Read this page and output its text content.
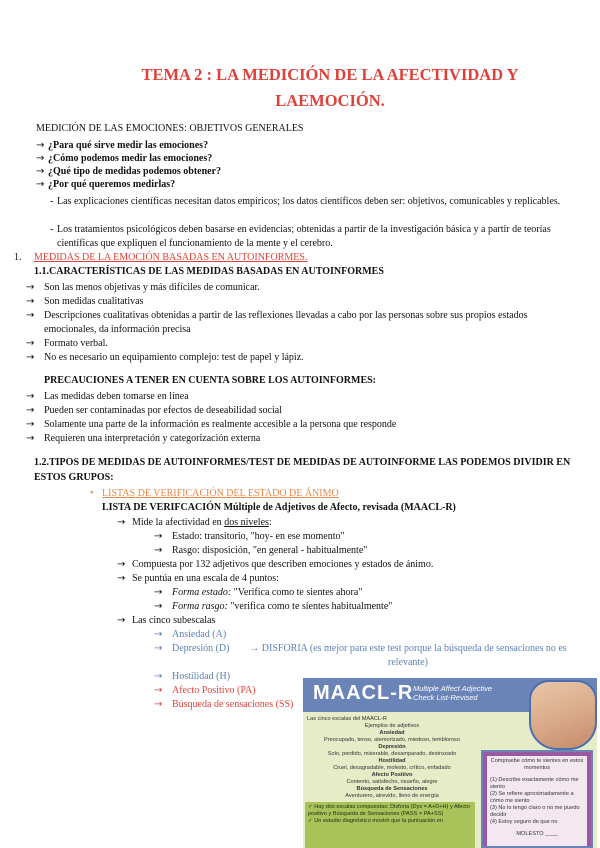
TEMA 2 : LA MEDICIÓN DE LA AFECTIVIDAD Y LAEMOCIÓN.
MEDICIÓN DE LAS EMOCIONES: OBJETIVOS GENERALES
→ ¿Para qué sirve medir las emociones?
→ ¿Cómo podemos medir las emociones?
→ ¿Qué tipo de medidas podemos obtener?
→ ¿Por qué queremos medirlas?
- Las explicaciones científicas necesitan datos empíricos; los datos científicos deben ser: objetivos, comunicables y replicables.
- Los tratamientos psicológicos deben basarse en evidencias; obtenidas a partir de la investigación básica y a partir de teorías científicas que expliquen el funcionamiento de la mente y el cerebro.
1. MEDIDAS DE LA EMOCIÓN BASADAS EN AUTOINFORMES.
1.1.CARACTERÍSTICAS DE LAS MEDIDAS BASADAS EN AUTOINFORMES
→ Son las menos objetivas y más difíciles de comunicar.
→ Son medidas cualitativas
→ Descripciones cualitativas obtenidas a partir de las reflexiones llevadas a cabo por las personas sobre sus propios estados emocionales, da información precisa
→ Formato verbal.
→ No es necesario un equipamiento complejo: test de papel y lápiz.
PRECAUCIONES A TENER EN CUENTA SOBRE LOS AUTOINFORMES:
→ Las medidas deben tomarse en línea
→ Pueden ser contaminadas por efectos de deseabilidad social
→ Solamente una parte de la información es realmente accesible a la persona que responde
→ Requieren una interpretación y categorización externa
1.2.TIPOS DE MEDIDAS DE AUTOINFORMES/TEST DE MEDIDAS DE AUTOINFORME LAS PODEMOS DIVIDIR EN ESTOS GRUPOS:
• LISTAS DE VERIFICACIÓN DEL ESTADO DE ÁNIMO
LISTA DE VERIFCACIÓN Múltiple de Adjetivos de Afecto, revisada (MAACL-R)
→ Mide la afectividad en dos niveles:
→ Estado: transitorio, "hoy- en ese momento"
→ Rasgo: disposición, "en general - habitualmente"
→ Compuesta por 132 adjetivos que describen emociones y estados de ánimo.
→ Se puntúa en una escala de 4 puntos:
→ Forma estado: "Verifica como te sientes ahora"
→ Forma rasgo: "verifica como te sientes habitualmente"
→ Las cinco subescalas
→ Ansiedad (A)
→ Depresión (D)	→ DISFORIA (es mejor para este test porque la búsqueda de sensaciones no es relevante)
→ Hostilidad (H)
→ Afecto Positivo (PA)
→ Búsqueda de sensaciones (SS)
MAACL-R Multiple Affect Adjective Check List-Revised
Las cinco escalas del MAACL-R
Ejemplos de adjetivos
Ansiedad
Preocupado, tenso, atemorizado, miedoso, tembloroso
Depresión
Solo, perdido, miserable, desamparado, destrozado
Hostilidad
Cruel, desagradable, molesto, crítico, enfadado
Afecto Positivo
Contento, satisfecho, risueño, alegre
Búsqueda de Sensaciones
Aventurero, atrevido, lleno de energía
✓ Hay dos escalas compuestas: Disforia (Dys = A+D+H) y Afecto positivo y Búsqueda de Sensaciones (PASS = PA+SS)
✓ Un estudio diagnóstico mostró que la puntuación en
Compruebe cómo te sientes en estos momentos
(1) Describe exactamente cómo me siento
(2) Se refiere aproximadamente a cómo me siento
(3) No lo tengo claro o no me puedo decidir
(4) Estoy seguro de que no
MOLESTO ____
